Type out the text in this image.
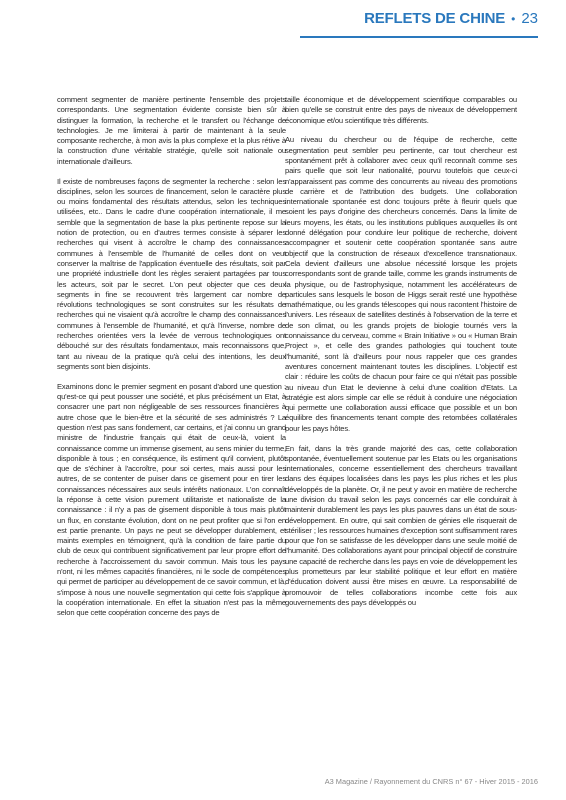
REFLETS DE CHINE • 23

comment segmenter de manière pertinente l'ensemble des projets correspondants. Une segmentation évidente consiste bien sûr à distinguer la formation, la recherche et le transfert ou l'échange de technologies. Je me limiterai à partir de maintenant à la seule composante recherche, à mon avis la plus complexe et la plus rétive à la construction d'une véritable stratégie, qu'elle soit nationale ou internationale d'ailleurs.

Il existe de nombreuses façons de segmenter la recherche : selon les disciplines, selon les sources de financement, selon le caractère plus ou moins fondamental des résultats attendus, selon les techniques utilisées, etc.. Dans le cadre d'une coopération internationale, il me semble que la segmentation de base la plus pertinente repose sur la notion de protection, ou en d'autres termes consiste à séparer les recherches qui visent à accroître le champ des connaissances communes à l'ensemble de l'humanité de celles dont on veut conserver la maîtrise de l'application éventuelle des résultats, soit par une propriété industrielle dont les règles seraient partagées par tous les acteurs, soit par le secret. L'on peut objecter que ces deux segments in fine se recouvrent très largement car nombre de révolutions technologiques se sont construites sur les résultats de recherches qui ne visaient qu'à accroître le champ des connaissances communes à l'ensemble de l'humanité, et qu'à l'inverse, nombre de recherches orientées vers la levée de verrous technologiques ont débouché sur des résultats fondamentaux, mais reconnaissons que, tant au niveau de la pratique qu'à celui des intentions, les deux segments sont bien disjoints.

Examinons donc le premier segment en posant d'abord une question : qu'est-ce qui peut pousser une société, et plus précisément un Etat, à consacrer une part non négligeable de ses ressources financières à autre chose que le bien-être et la sécurité de ses administrés ? La question n'est pas sans fondement, car certains, et j'ai connu un grand ministre de l'industrie français qui était de ceux-là, voient la connaissance comme un immense gisement, au sens minier du terme, disponible à tous ; en conséquence, ils estiment qu'il convient, plutôt que de s'échiner à l'accroître, pour soi certes, mais aussi pour les autres, de se contenter de puiser dans ce gisement pour en tirer les connaissances nécessaires aux seuls intérêts nationaux. L'on connaît la réponse à cette vision purement utilitariste et nationaliste de la connaissance : il n'y a pas de gisement disponible à tous mais plutôt un flux, en constante évolution, dont on ne peut profiter que si l'on en est partie prenante. Un pays ne peut se développer durablement, et maints exemples en témoignent, qu'à la condition de faire partie du club de ceux qui contribuent significativement par leur propre effort de recherche à l'accroissement du savoir commun. Mais tous les pays n'ont, ni les mêmes capacités financières, ni le socle de compétences qui permet de participer au développement de ce savoir commun, et là, s'impose à nous une nouvelle segmentation qui cette fois s'applique à la coopération internationale. En effet la situation n'est pas la même selon que cette coopération concerne des pays de

taille économique et de développement scientifique comparables ou bien qu'elle se construit entre des pays de niveaux de développement économique et/ou scientifique très différents.

Au niveau du chercheur ou de l'équipe de recherche, cette segmentation peut sembler peu pertinente, car tout chercheur est spontanément prêt à collaborer avec ceux qu'il reconnaît comme ses pairs quelle que soit leur nationalité, pourvu toutefois que ceux-ci n'apparaissent pas comme des concurrents au niveau des promotions de carrière et de l'attribution des budgets. Une collaboration internationale spontanée est donc toujours prête à fleurir quels que soient les pays d'origine des chercheurs concernés. Dans la limite de leurs moyens, les états, ou les institutions publiques auxquelles ils ont donné délégation pour conduire leur politique de recherche, doivent accompagner et soutenir cette coopération spontanée sans autre objectif que la construction de réseaux d'excellence transnationaux. Cela devient d'ailleurs une absolue nécessité lorsque les projets correspondants sont de grande taille, comme les grands instruments de la physique, ou de l'astrophysique, notamment les accélérateurs de particules sans lesquels le boson de Higgs serait resté une hypothèse mathématique, ou les grands télescopes qui nous racontent l'histoire de l'univers. Les réseaux de satellites destinés à l'observation de la terre et de son climat, ou les grands projets de biologie tournés vers la connaissance du cerveau, comme « Brain Initiative » ou « Human Brain Project », et celle des grandes pathologies qui touchent toute l'humanité, sont là d'ailleurs pour nous rappeler que ces grandes aventures concernent maintenant toutes les disciplines. L'objectif est clair : réduire les coûts de chacun pour faire ce qui n'était pas possible au niveau d'un Etat le devienne à celui d'une coalition d'Etats. La stratégie est alors simple car elle se réduit à conduire une négociation qui permette une collaboration aussi efficace que possible et un bon équilibre des financements tenant compte des retombées collatérales pour les pays hôtes.

En fait, dans la très grande majorité des cas, cette collaboration spontanée, éventuellement soutenue par les Etats ou les organisations internationales, concerne essentiellement des chercheurs travaillant dans des équipes localisées dans les pays les plus riches et les plus développés de la planète. Or, il ne peut y avoir en matière de recherche une division du travail selon les pays concernés car elle conduirait à maintenir durablement les pays les plus pauvres dans un état de sous-développement. En outre, qui sait combien de génies elle risquerait de stériliser ; les ressources humaines d'exception sont suffisamment rares pour que l'on se satisfasse de les développer dans une seule moitié de l'humanité. Des collaborations ayant pour principal objectif de construire une capacité de recherche dans les pays en voie de développement les plus prometteurs par leur stabilité politique et leur effort en matière d'éducation doivent aussi être mises en œuvre. La responsabilité de promouvoir de telles collaborations incombe cette fois aux gouvernements des pays développés ou

A3 Magazine / Rayonnement du CNRS n° 67 - Hiver 2015 - 2016
